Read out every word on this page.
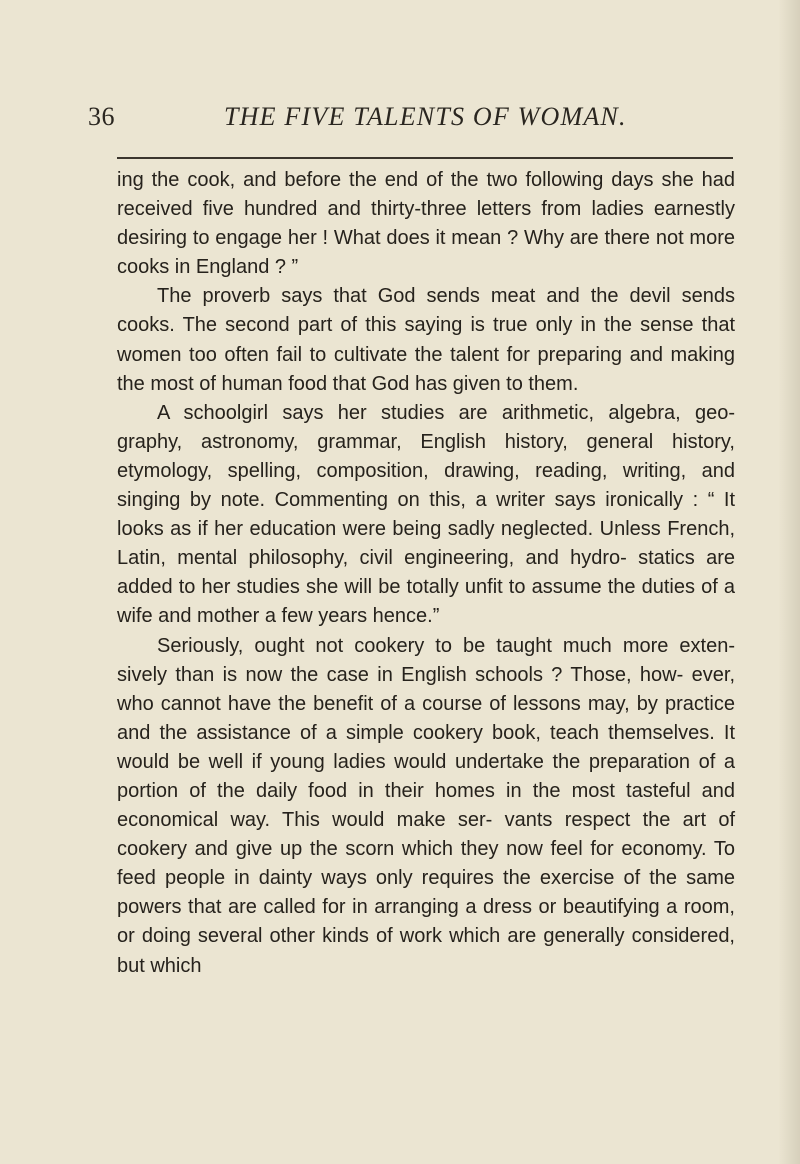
36	THE FIVE TALENTS OF WOMAN.

ing the cook, and before the end of the two following days she had received five hundred and thirty-three letters from ladies earnestly desiring to engage her ! What does it mean ? Why are there not more cooks in England ? ”

The proverb says that God sends meat and the devil sends cooks. The second part of this saying is true only in the sense that women too often fail to cultivate the talent for preparing and making the most of human food that God has given to them.

A schoolgirl says her studies are arithmetic, algebra, geo- graphy, astronomy, grammar, English history, general history, etymology, spelling, composition, drawing, reading, writing, and singing by note. Commenting on this, a writer says ironically : “ It looks as if her education were being sadly neglected. Unless French, Latin, mental philosophy, civil engineering, and hydro- statics are added to her studies she will be totally unfit to assume the duties of a wife and mother a few years hence.”

Seriously, ought not cookery to be taught much more exten- sively than is now the case in English schools ? Those, how- ever, who cannot have the benefit of a course of lessons may, by practice and the assistance of a simple cookery book, teach themselves. It would be well if young ladies would undertake the preparation of a portion of the daily food in their homes in the most tasteful and economical way. This would make ser- vants respect the art of cookery and give up the scorn which they now feel for economy. To feed people in dainty ways only requires the exercise of the same powers that are called for in arranging a dress or beautifying a room, or doing several other kinds of work which are generally considered, but which
